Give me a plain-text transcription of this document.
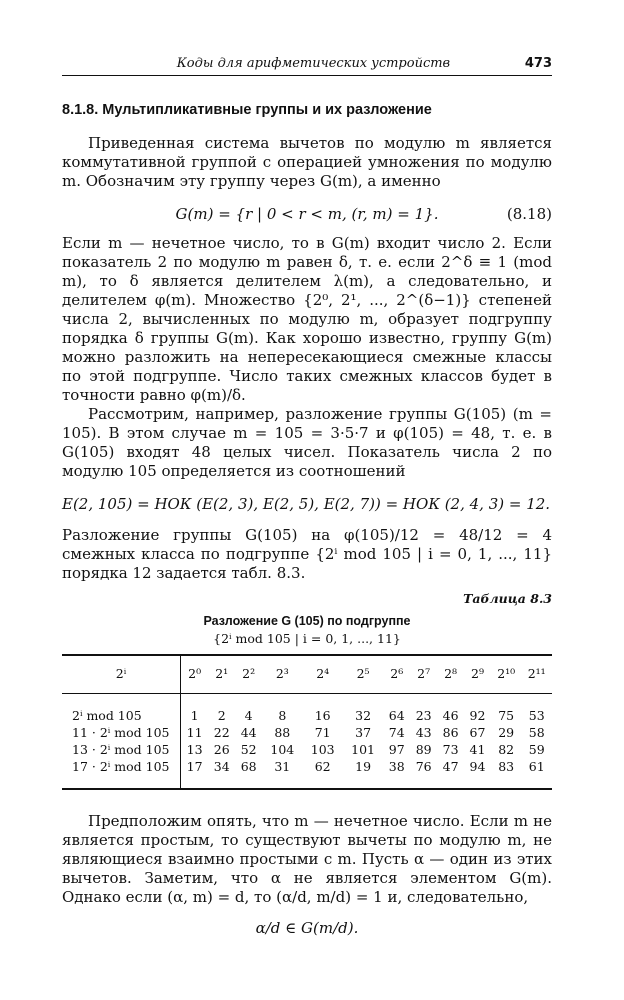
Коды для арифметических устройств	473
8.1.8. Мультипликативные группы и их разложение

Приведенная система вычетов по модулю m является коммутативной группой с операцией умножения по модулю m. Обозначим эту группу через G(m), а именно

G(m) = {r | 0 < r < m, (r, m) = 1}.	(8.18)

Если m — нечетное число, то в G(m) входит число 2. Если показатель 2 по модулю m равен δ, т. е. если 2^δ ≡ 1 (mod m), то δ является делителем λ(m), а следовательно, и делителем φ(m). Множество {2⁰, 2¹, ..., 2^(δ−1)} степеней числа 2, вычисленных по модулю m, образует подгруппу порядка δ группы G(m). Как хорошо известно, группу G(m) можно разложить на непересекающиеся смежные классы по этой подгруппе. Число таких смежных классов будет в точности равно φ(m)/δ.

Рассмотрим, например, разложение группы G(105) (m = 105). В этом случае m = 105 = 3·5·7 и φ(105) = 48, т. е. в G(105) входят 48 целых чисел. Показатель числа 2 по модулю 105 определяется из соотношений

E(2, 105) = НОК (E(2, 3), E(2, 5), E(2, 7)) = НОК (2, 4, 3) = 12.

Разложение группы G(105) на φ(105)/12 = 48/12 = 4 смежных класса по подгруппе {2ⁱ mod 105 | i = 0, 1, ..., 11} порядка 12 задается табл. 8.3.

Таблица 8.3
Разложение G (105) по подгруппе
{2ⁱ mod 105 | i = 0, 1, ..., 11}
2ⁱ	2⁰	2¹	2²	2³	2⁴	2⁵	2⁶	2⁷	2⁸	2⁹	2¹⁰	2¹¹
2ⁱ mod 105	1	2	4	8	16	32	64	23	46	92	75	53
11 · 2ⁱ mod 105	11	22	44	88	71	37	74	43	86	67	29	58
13 · 2ⁱ mod 105	13	26	52	104	103	101	97	89	73	41	82	59
17 · 2ⁱ mod 105	17	34	68	31	62	19	38	76	47	94	83	61

Предположим опять, что m — нечетное число. Если m не является простым, то существуют вычеты по модулю m, не являющиеся взаимно простыми с m. Пусть α — один из этих вычетов. Заметим, что α не является элементом G(m). Однако если (α, m) = d, то (α/d, m/d) = 1 и, следовательно,

α/d ∈ G(m/d).
